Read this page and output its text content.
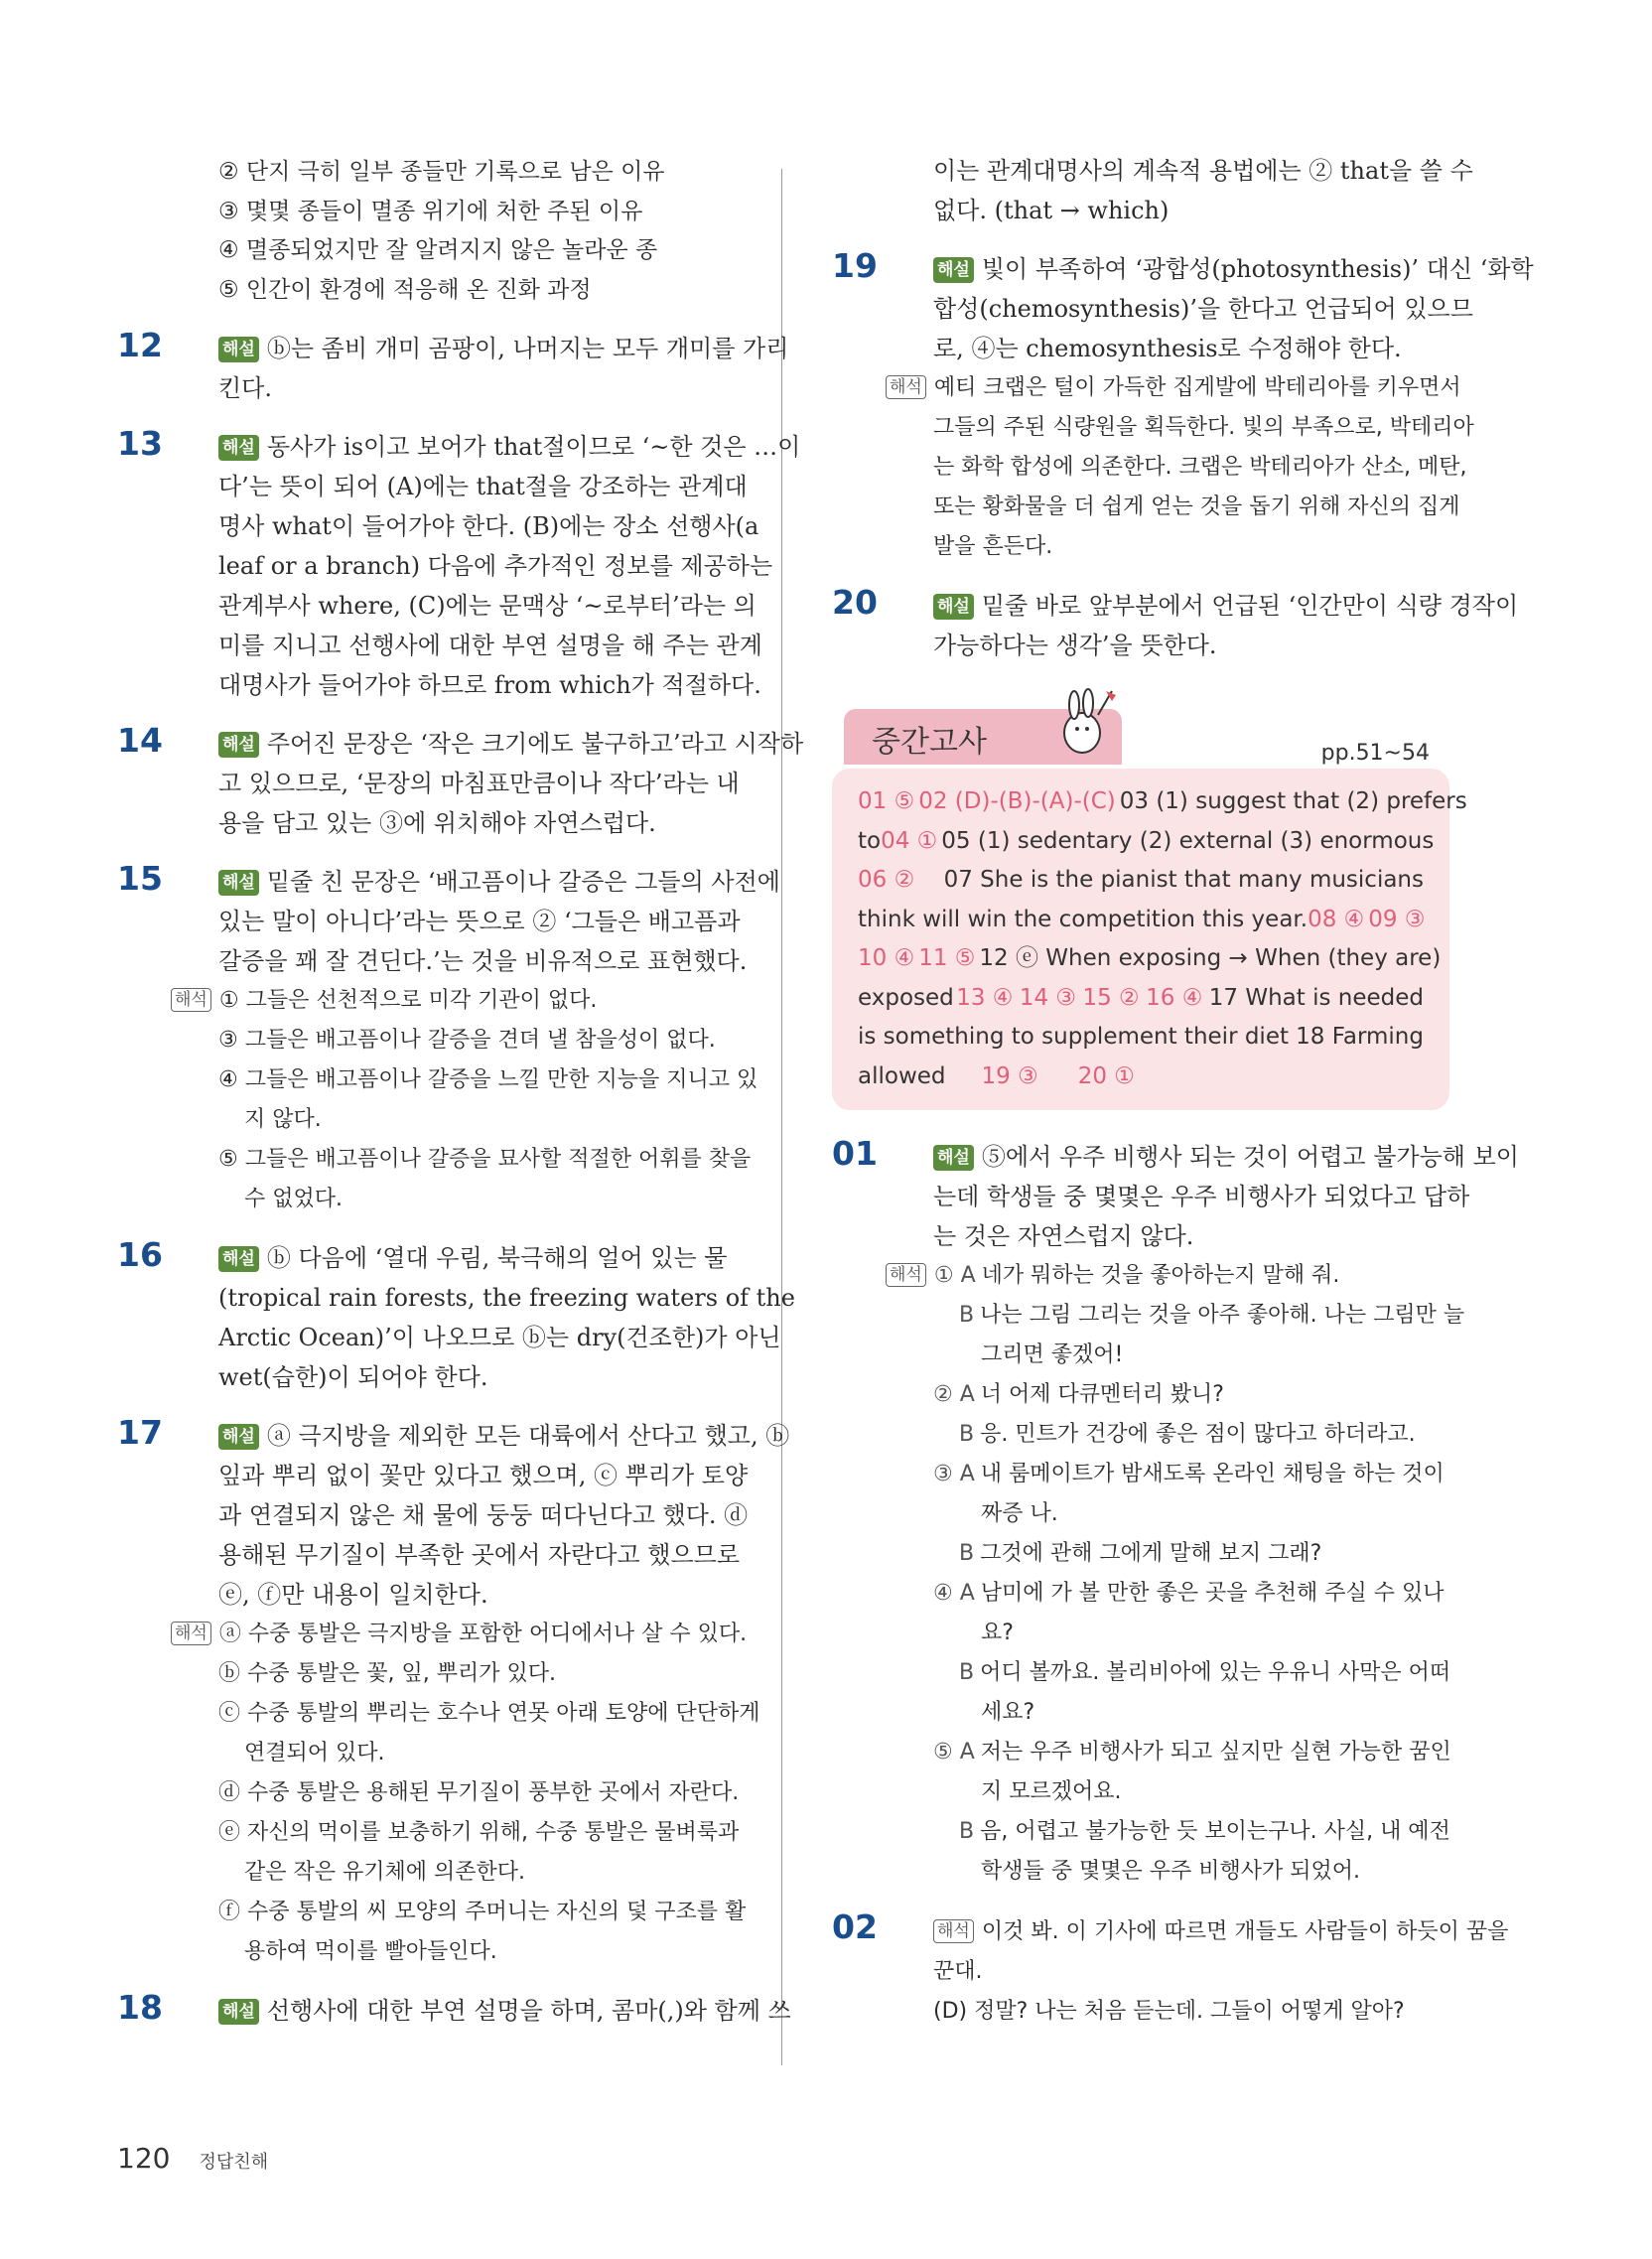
② 단지 극히 일부 종들만 기록으로 남은 이유
③ 몇몇 종들이 멸종 위기에 처한 주된 이유
④ 멸종되었지만 잘 알려지지 않은 놀라운 종
⑤ 인간이 환경에 적응해 온 진화 과정
12	해설 ⓑ는 좀비 개미 곰팡이, 나머지는 모두 개미를 가리
킨다.
13	해설 동사가 is이고 보어가 that절이므로 ‘~한 것은 …이
다’는 뜻이 되어 (A)에는 that절을 강조하는 관계대
명사 what이 들어가야 한다. (B)에는 장소 선행사(a
leaf or a branch) 다음에 추가적인 정보를 제공하는
관계부사 where, (C)에는 문맥상 ‘~로부터’라는 의
미를 지니고 선행사에 대한 부연 설명을 해 주는 관계
대명사가 들어가야 하므로 from which가 적절하다.
14	해설 주어진 문장은 ‘작은 크기에도 불구하고’라고 시작하
고 있으므로, ‘문장의 마침표만큼이나 작다’라는 내
용을 담고 있는 ③에 위치해야 자연스럽다.
15	해설 밑줄 친 문장은 ‘배고픔이나 갈증은 그들의 사전에
있는 말이 아니다’라는 뜻으로 ② ‘그들은 배고픔과
갈증을 꽤 잘 견딘다.’는 것을 비유적으로 표현했다.
해석 ① 그들은 선천적으로 미각 기관이 없다.
③ 그들은 배고픔이나 갈증을 견뎌 낼 참을성이 없다.
④ 그들은 배고픔이나 갈증을 느낄 만한 지능을 지니고 있
지 않다.
⑤ 그들은 배고픔이나 갈증을 묘사할 적절한 어휘를 찾을
수 없었다.
16	해설 ⓑ 다음에 ‘열대 우림, 북극해의 얼어 있는 물
(tropical rain forests, the freezing waters of the
Arctic Ocean)’이 나오므로 ⓑ는 dry(건조한)가 아닌
wet(습한)이 되어야 한다.
17	해설 ⓐ 극지방을 제외한 모든 대륙에서 산다고 했고, ⓑ
잎과 뿌리 없이 꽃만 있다고 했으며, ⓒ 뿌리가 토양
과 연결되지 않은 채 물에 둥둥 떠다닌다고 했다. ⓓ
용해된 무기질이 부족한 곳에서 자란다고 했으므로
ⓔ, ⓕ만 내용이 일치한다.
해석 ⓐ 수중 통발은 극지방을 포함한 어디에서나 살 수 있다.
ⓑ 수중 통발은 꽃, 잎, 뿌리가 있다.
ⓒ 수중 통발의 뿌리는 호수나 연못 아래 토양에 단단하게
연결되어 있다.
ⓓ 수중 통발은 용해된 무기질이 풍부한 곳에서 자란다.
ⓔ 자신의 먹이를 보충하기 위해, 수중 통발은 물벼룩과
같은 작은 유기체에 의존한다.
ⓕ 수중 통발의 씨 모양의 주머니는 자신의 덫 구조를 활
용하여 먹이를 빨아들인다.
18	해설 선행사에 대한 부연 설명을 하며, 콤마(,)와 함께 쓰
이는 관계대명사의 계속적 용법에는 ② that을 쓸 수
없다. (that → which)
19	해설 빛이 부족하여 ‘광합성(photosynthesis)’ 대신 ‘화학
합성(chemosynthesis)’을 한다고 언급되어 있으므
로, ④는 chemosynthesis로 수정해야 한다.
해석 예티 크랩은 털이 가득한 집게발에 박테리아를 키우면서
그들의 주된 식량원을 획득한다. 빛의 부족으로, 박테리아
는 화학 합성에 의존한다. 크랩은 박테리아가 산소, 메탄,
또는 황화물을 더 쉽게 얻는 것을 돕기 위해 자신의 집게
발을 흔든다.
20	해설 밑줄 바로 앞부분에서 언급된 ‘인간만이 식량 경작이
가능하다는 생각’을 뜻한다.
중간고사	pp.51~54
01 ⑤ 02 (D)-(B)-(A)-(C) 03 (1) suggest that (2) prefers
to 04 ① 05 (1) sedentary (2) external (3) enormous
06 ② 07 She is the pianist that many musicians
think will win the competition this year. 08 ④ 09 ③
10 ④ 11 ⑤ 12 ⓔ When exposing → When (they are)
exposed 13 ④ 14 ③ 15 ② 16 ④ 17 What is needed
is something to supplement their diet 18 Farming
allowed 19 ③ 20 ①
01	해설 ⑤에서 우주 비행사 되는 것이 어렵고 불가능해 보이
는데 학생들 중 몇몇은 우주 비행사가 되었다고 답하
는 것은 자연스럽지 않다.
해석 ① A 네가 뭐하는 것을 좋아하는지 말해 줘.
B 나는 그림 그리는 것을 아주 좋아해. 나는 그림만 늘
그리면 좋겠어!
② A 너 어제 다큐멘터리 봤니?
B 응. 민트가 건강에 좋은 점이 많다고 하더라고.
③ A 내 룸메이트가 밤새도록 온라인 채팅을 하는 것이
짜증 나.
B 그것에 관해 그에게 말해 보지 그래?
④ A 남미에 가 볼 만한 좋은 곳을 추천해 주실 수 있나
요?
B 어디 볼까요. 볼리비아에 있는 우유니 사막은 어떠
세요?
⑤ A 저는 우주 비행사가 되고 싶지만 실현 가능한 꿈인
지 모르겠어요.
B 음, 어렵고 불가능한 듯 보이는구나. 사실, 내 예전
학생들 중 몇몇은 우주 비행사가 되었어.
02	해석 이것 봐. 이 기사에 따르면 개들도 사람들이 하듯이 꿈을
꾼대.
(D) 정말? 나는 처음 듣는데. 그들이 어떻게 알아?
120 정답친해
